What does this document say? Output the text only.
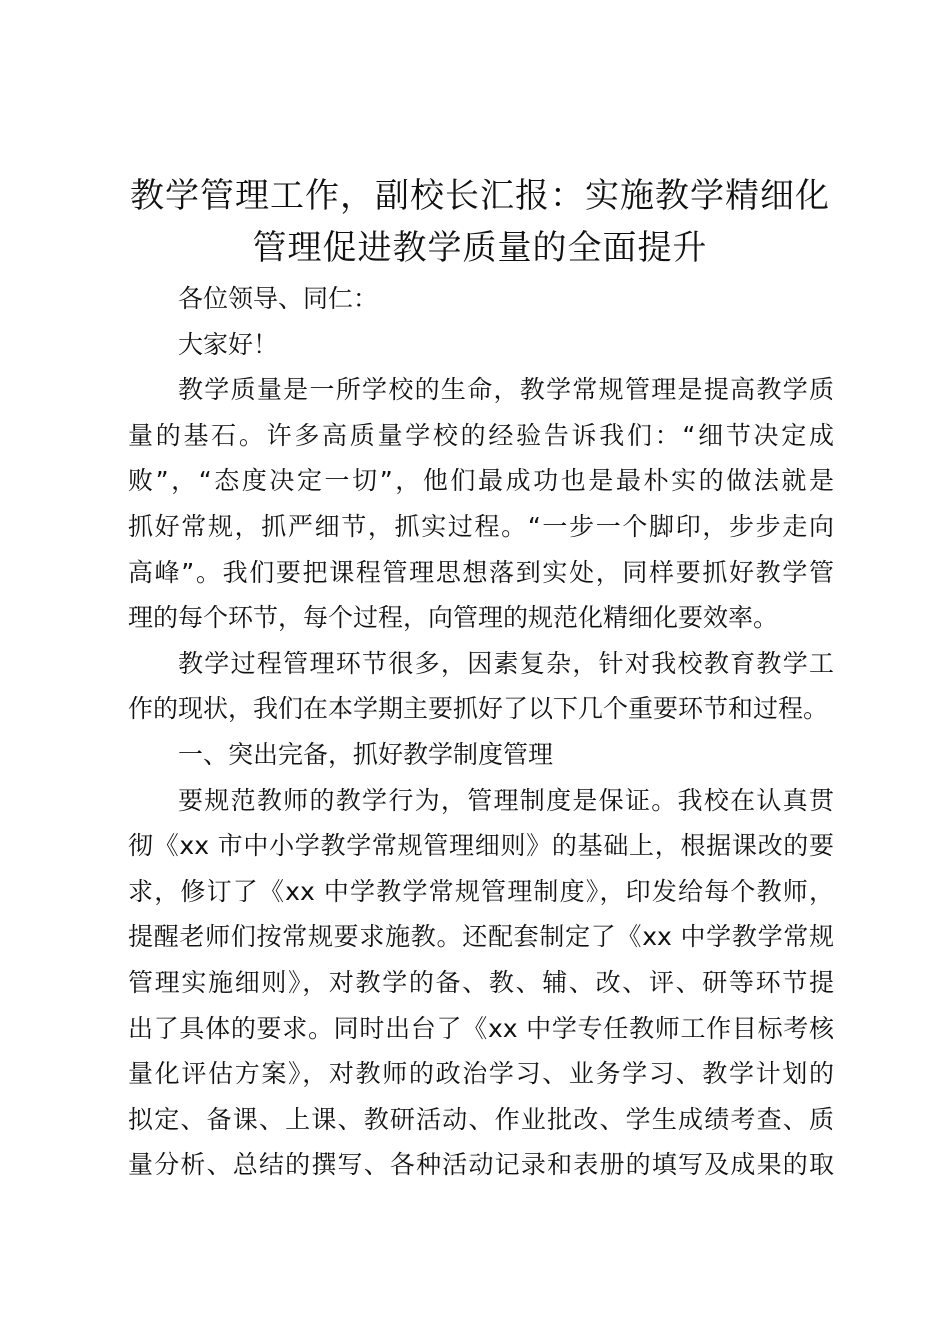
教学管理工作，副校长汇报：实施教学精细化
管理促进教学质量的全面提升
各位领导、同仁：
大家好！
教学质量是一所学校的生命，教学常规管理是提高教学质
量的基石。许多高质量学校的经验告诉我们：“细节决定成
败”，“态度决定一切”，他们最成功也是最朴实的做法就是
抓好常规，抓严细节，抓实过程。“一步一个脚印，步步走向
高峰”。我们要把课程管理思想落到实处，同样要抓好教学管
理的每个环节，每个过程，向管理的规范化精细化要效率。
教学过程管理环节很多，因素复杂，针对我校教育教学工
作的现状，我们在本学期主要抓好了以下几个重要环节和过程。
一、突出完备，抓好教学制度管理
要规范教师的教学行为，管理制度是保证。我校在认真贯
彻《xx 市中小学教学常规管理细则》的基础上，根据课改的要
求，修订了《xx 中学教学常规管理制度》，印发给每个教师，
提醒老师们按常规要求施教。还配套制定了《xx 中学教学常规
管理实施细则》，对教学的备、教、辅、改、评、研等环节提
出了具体的要求。同时出台了《xx 中学专任教师工作目标考核
量化评估方案》，对教师的政治学习、业务学习、教学计划的
拟定、备课、上课、教研活动、作业批改、学生成绩考查、质
量分析、总结的撰写、各种活动记录和表册的填写及成果的取
